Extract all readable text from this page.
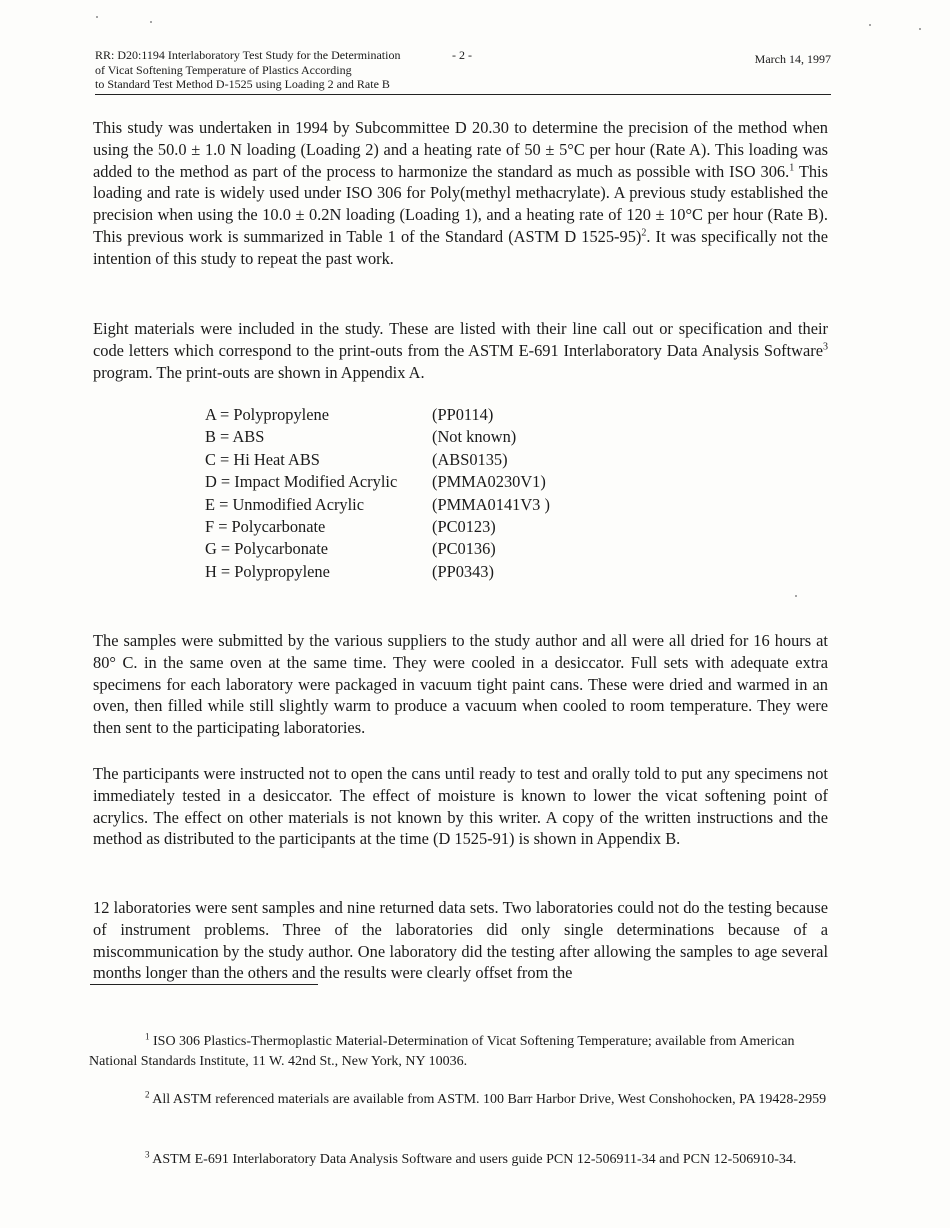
RR: D20:1194 Interlaboratory Test Study for the Determination
of Vicat Softening Temperature of Plastics According
to Standard Test Method D-1525 using Loading 2 and Rate B
- 2 -	March 14, 1997

This study was undertaken in 1994 by Subcommittee D 20.30 to determine the precision of the method when using the 50.0 ± 1.0 N loading (Loading 2) and a heating rate of 50 ± 5°C per hour (Rate A). This loading was added to the method as part of the process to harmonize the standard as much as possible with ISO 306.$^1$ This loading and rate is widely used under ISO 306 for Poly(methyl methacrylate). A previous study established the precision when using the 10.0 ± 0.2N loading (Loading 1), and a heating rate of 120 ± 10°C per hour (Rate B). This previous work is summarized in Table 1 of the Standard (ASTM D 1525-95)$^2$. It was specifically not the intention of this study to repeat the past work.

Eight materials were included in the study. These are listed with their line call out or specification and their code letters which correspond to the print-outs from the ASTM E-691 Interlaboratory Data Analysis Software$^3$ program. The print-outs are shown in Appendix A.

A = Polypropylene	(PP0114)
B = ABS	(Not known)
C = Hi Heat ABS	(ABS0135)
D = Impact Modified Acrylic (PMMA0230V1)
E = Unmodified Acrylic	(PMMA0141V3 )
F = Polycarbonate	(PC0123)
G = Polycarbonate	(PC0136)
H = Polypropylene	(PP0343)

The samples were submitted by the various suppliers to the study author and all were all dried for 16 hours at 80° C. in the same oven at the same time. They were cooled in a desiccator. Full sets with adequate extra specimens for each laboratory were packaged in vacuum tight paint cans. These were dried and warmed in an oven, then filled while still slightly warm to produce a vacuum when cooled to room temperature. They were then sent to the participating laboratories.

The participants were instructed not to open the cans until ready to test and orally told to put any specimens not immediately tested in a desiccator. The effect of moisture is known to lower the vicat softening point of acrylics. The effect on other materials is not known by this writer. A copy of the written instructions and the method as distributed to the participants at the time (D 1525-91) is shown in Appendix B.

12 laboratories were sent samples and nine returned data sets. Two laboratories could not do the testing because of instrument problems. Three of the laboratories did only single determinations because of a miscommunication by the study author. One laboratory did the testing after allowing the samples to age several months longer than the others and the results were clearly offset from the

$^1$ ISO 306 Plastics-Thermoplastic Material-Determination of Vicat Softening Temperature; available from American National Standards Institute, 11 W. 42nd St., New York, NY 10036.

$^2$ All ASTM referenced materials are available from ASTM. 100 Barr Harbor Drive, West Conshohocken, PA 19428-2959

$^3$ ASTM E-691 Interlaboratory Data Analysis Software and users guide PCN 12-506911-34 and PCN 12-506910-34.
